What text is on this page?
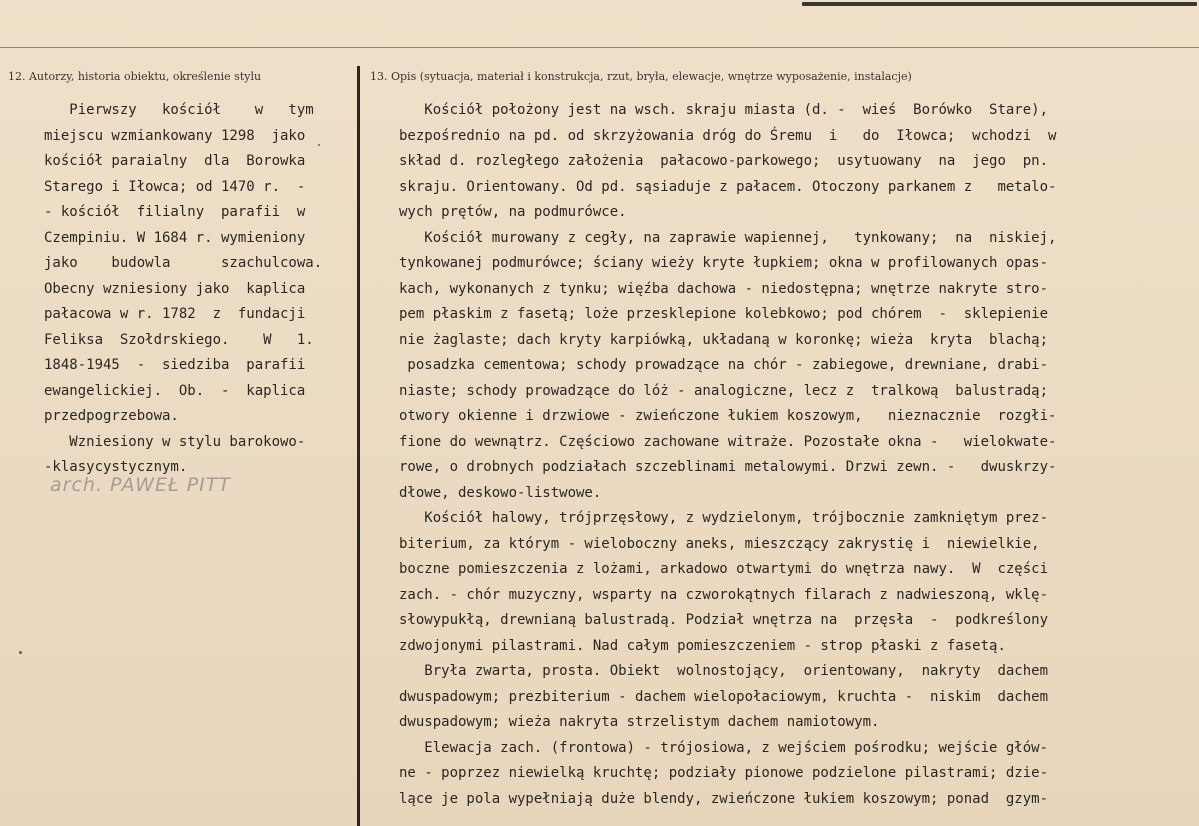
12. Autorzy, historia obiektu, określenie stylu	13. Opis (sytuacja, materiał i konstrukcja, rzut, bryła, elewacje, wnętrze wyposażenie, instalacje)
Pierwszy   kościół    w   tym
miejscu wzmiankowany 1298  jako
kościół paraialny  dla  Borowka
Starego i Iłowca; od 1470 r.  -
- kościół  filialny  parafii  w
Czempiniu. W 1684 r. wymieniony
jako    budowla      szachulcowa.
Obecny wzniesiony jako  kaplica
pałacowa w r. 1782  z  fundacji
Feliksa  Szołdrskiego.    W   1.
1848-1945  -  siedziba  parafii
ewangelickiej.  Ob.  -  kaplica
przedpogrzebowa.
Wzniesiony w stylu barokowo-
-klasycystycznym.
arch. PAWEŁ PITT
Kościół położony jest na wsch. skraju miasta (d. -  wieś  Borówko  Stare),
bezpośrednio na pd. od skrzyżowania dróg do Śremu  i   do  Iłowca;  wchodzi  w
skład d. rozległego założenia  pałacowo-parkowego;  usytuowany  na  jego  pn.
skraju. Orientowany. Od pd. sąsiaduje z pałacem. Otoczony parkanem z   metalo-
wych prętów, na podmurówce.
Kościół murowany z cegły, na zaprawie wapiennej,   tynkowany;  na  niskiej,
tynkowanej podmurówce; ściany wieży kryte łupkiem; okna w profilowanych opas-
kach, wykonanych z tynku; więźba dachowa - niedostępna; wnętrze nakryte stro-
pem płaskim z fasetą; loże przesklepione kolebkowo; pod chórem  -  sklepienie
nie żaglaste; dach kryty karpiówką, układaną w koronkę; wieża  kryta  blachą;
posadzka cementowa; schody prowadzące na chór - zabiegowe, drewniane, drabi-
niaste; schody prowadzące do lóż - analogiczne, lecz z  tralkową  balustradą;
otwory okienne i drzwiowe - zwieńczone łukiem koszowym,   nieznacznie  rozgłi-
fione do wewnątrz. Częściowo zachowane witraże. Pozostałe okna -   wielokwate-
rowe, o drobnych podziałach szczeblinami metalowymi. Drzwi zewn. -   dwuskrzy-
dłowe, deskowo-listwowe.
Kościół halowy, trójprzęsłowy, z wydzielonym, trójbocznie zamkniętym prez-
biterium, za którym - wieloboczny aneks, mieszczący zakrystię i  niewielkie,
boczne pomieszczenia z lożami, arkadowo otwartymi do wnętrza nawy.  W  części
zach. - chór muzyczny, wsparty na czworokątnych filarach z nadwieszoną, wklę-
słowypukłą, drewnianą balustradą. Podział wnętrza na  przęsła  -  podkreślony
zdwojonymi pilastrami. Nad całym pomieszczeniem - strop płaski z fasetą.
Bryła zwarta, prosta. Obiekt  wolnostojący,  orientowany,  nakryty  dachem
dwuspadowym; prezbiterium - dachem wielopołaciowym, kruchta -  niskim  dachem
dwuspadowym; wieża nakryta strzelistym dachem namiotowym.
Elewacja zach. (frontowa) - trójosiowa, z wejściem pośrodku; wejście głów-
ne - poprzez niewielką kruchtę; podziały pionowe podzielone pilastrami; dzie-
lące je pola wypełniają duże blendy, zwieńczone łukiem koszowym; ponad  gzym-
